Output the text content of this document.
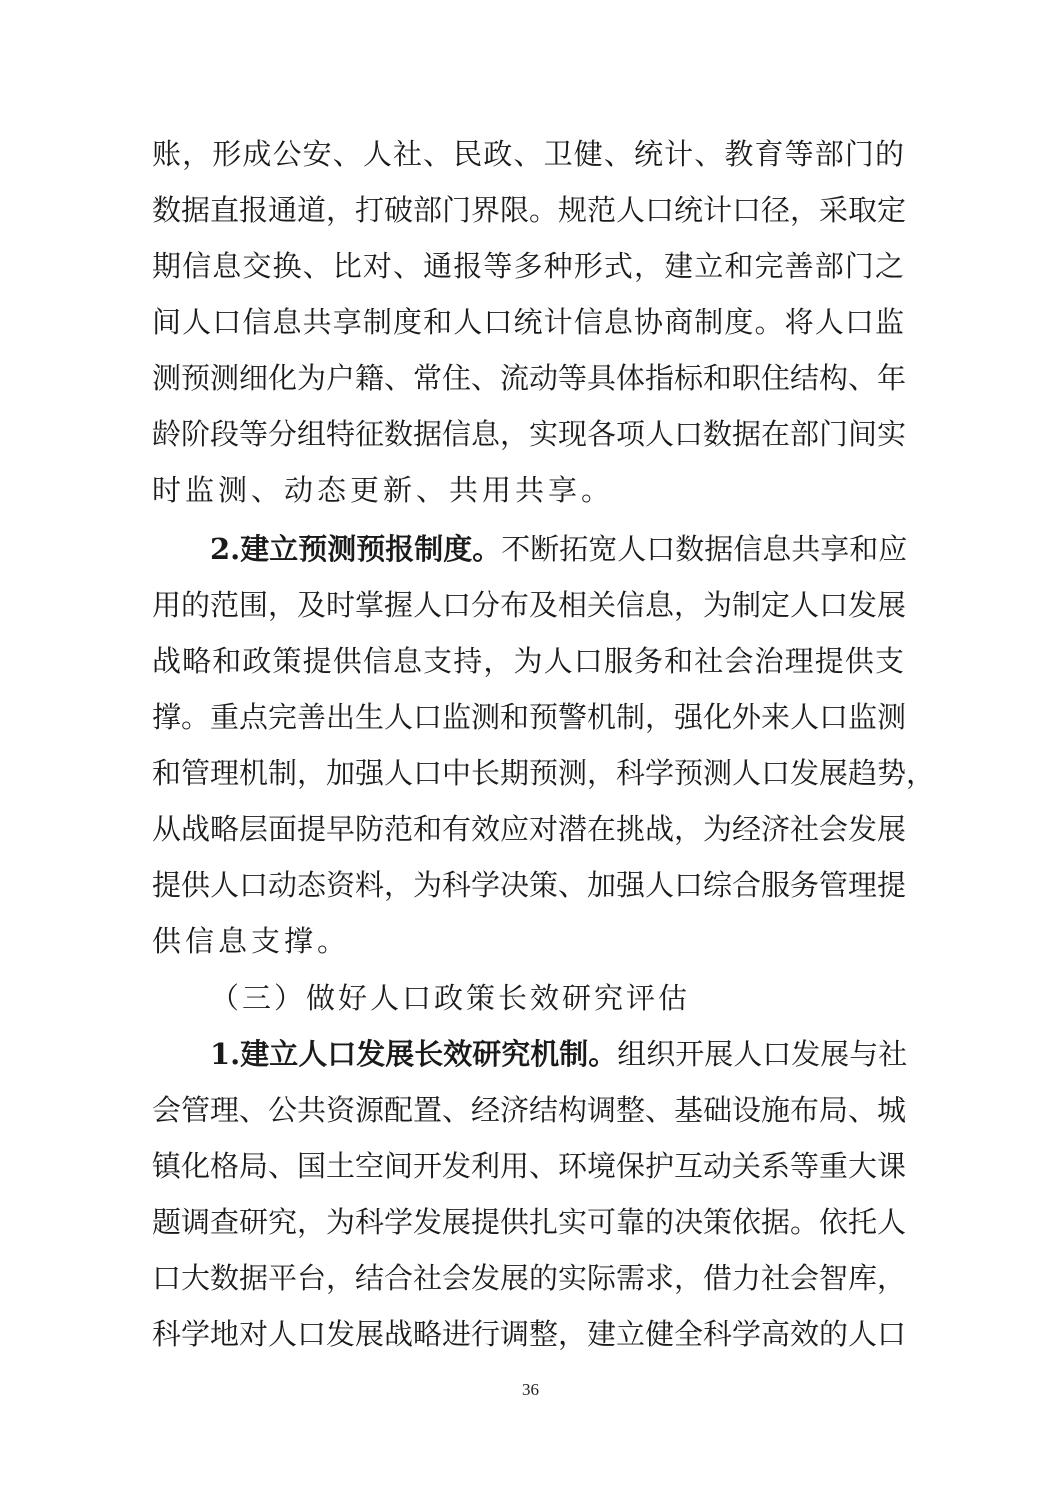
账，形成公安、人社、民政、卫健、统计、教育等部门的
数据直报通道，打破部门界限。规范人口统计口径，采取定
期信息交换、比对、通报等多种形式，建立和完善部门之
间人口信息共享制度和人口统计信息协商制度。将人口监
测预测细化为户籍、常住、流动等具体指标和职住结构、年
龄阶段等分组特征数据信息，实现各项人口数据在部门间实
时监测、动态更新、共用共享。
2.建立预测预报制度。不断拓宽人口数据信息共享和应
用的范围，及时掌握人口分布及相关信息，为制定人口发展
战略和政策提供信息支持，为人口服务和社会治理提供支
撑。重点完善出生人口监测和预警机制，强化外来人口监测
和管理机制，加强人口中长期预测，科学预测人口发展趋势，
从战略层面提早防范和有效应对潜在挑战，为经济社会发展
提供人口动态资料，为科学决策、加强人口综合服务管理提
供信息支撑。
（三）做好人口政策长效研究评估
1.建立人口发展长效研究机制。组织开展人口发展与社
会管理、公共资源配置、经济结构调整、基础设施布局、城
镇化格局、国土空间开发利用、环境保护互动关系等重大课
题调查研究，为科学发展提供扎实可靠的决策依据。依托人
口大数据平台，结合社会发展的实际需求，借力社会智库，
科学地对人口发展战略进行调整，建立健全科学高效的人口
36
